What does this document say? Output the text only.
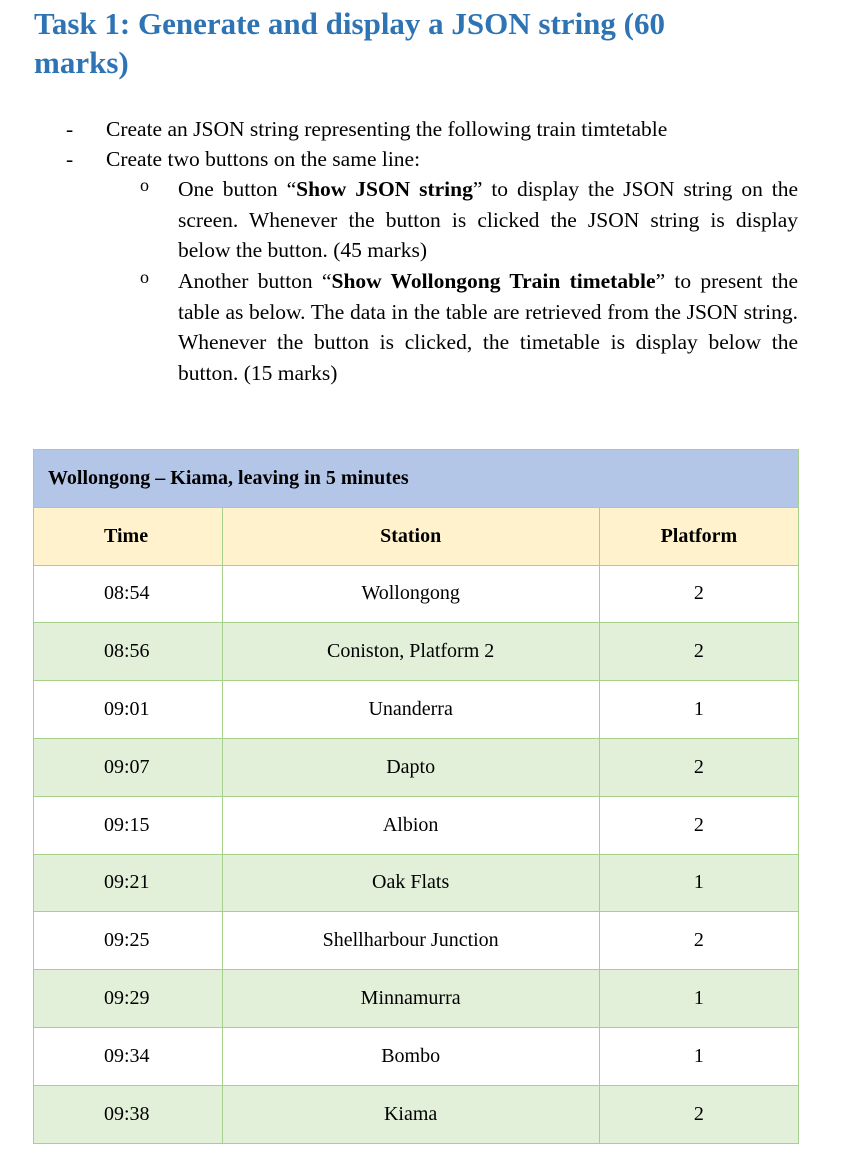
Task 1: Generate and display a JSON string (60 marks)
-	Create an JSON string representing the following train timtetable
-	Create two buttons on the same line:
o One button “Show JSON string” to display the JSON string on the screen. Whenever the button is clicked the JSON string is display below the button. (45 marks)
o Another button “Show Wollongong Train timetable” to present the table as below. The data in the table are retrieved from the JSON string. Whenever the button is clicked, the timetable is display below the button. (15 marks)
Wollongong – Kiama, leaving in 5 minutes		
Time	Station	Platform
08:54	Wollongong	2
08:56	Coniston, Platform 2	2
09:01	Unanderra	1
09:07	Dapto	2
09:15	Albion	2
09:21	Oak Flats	1
09:25	Shellharbour Junction	2
09:29	Minnamurra	1
09:34	Bombo	1
09:38	Kiama	2
